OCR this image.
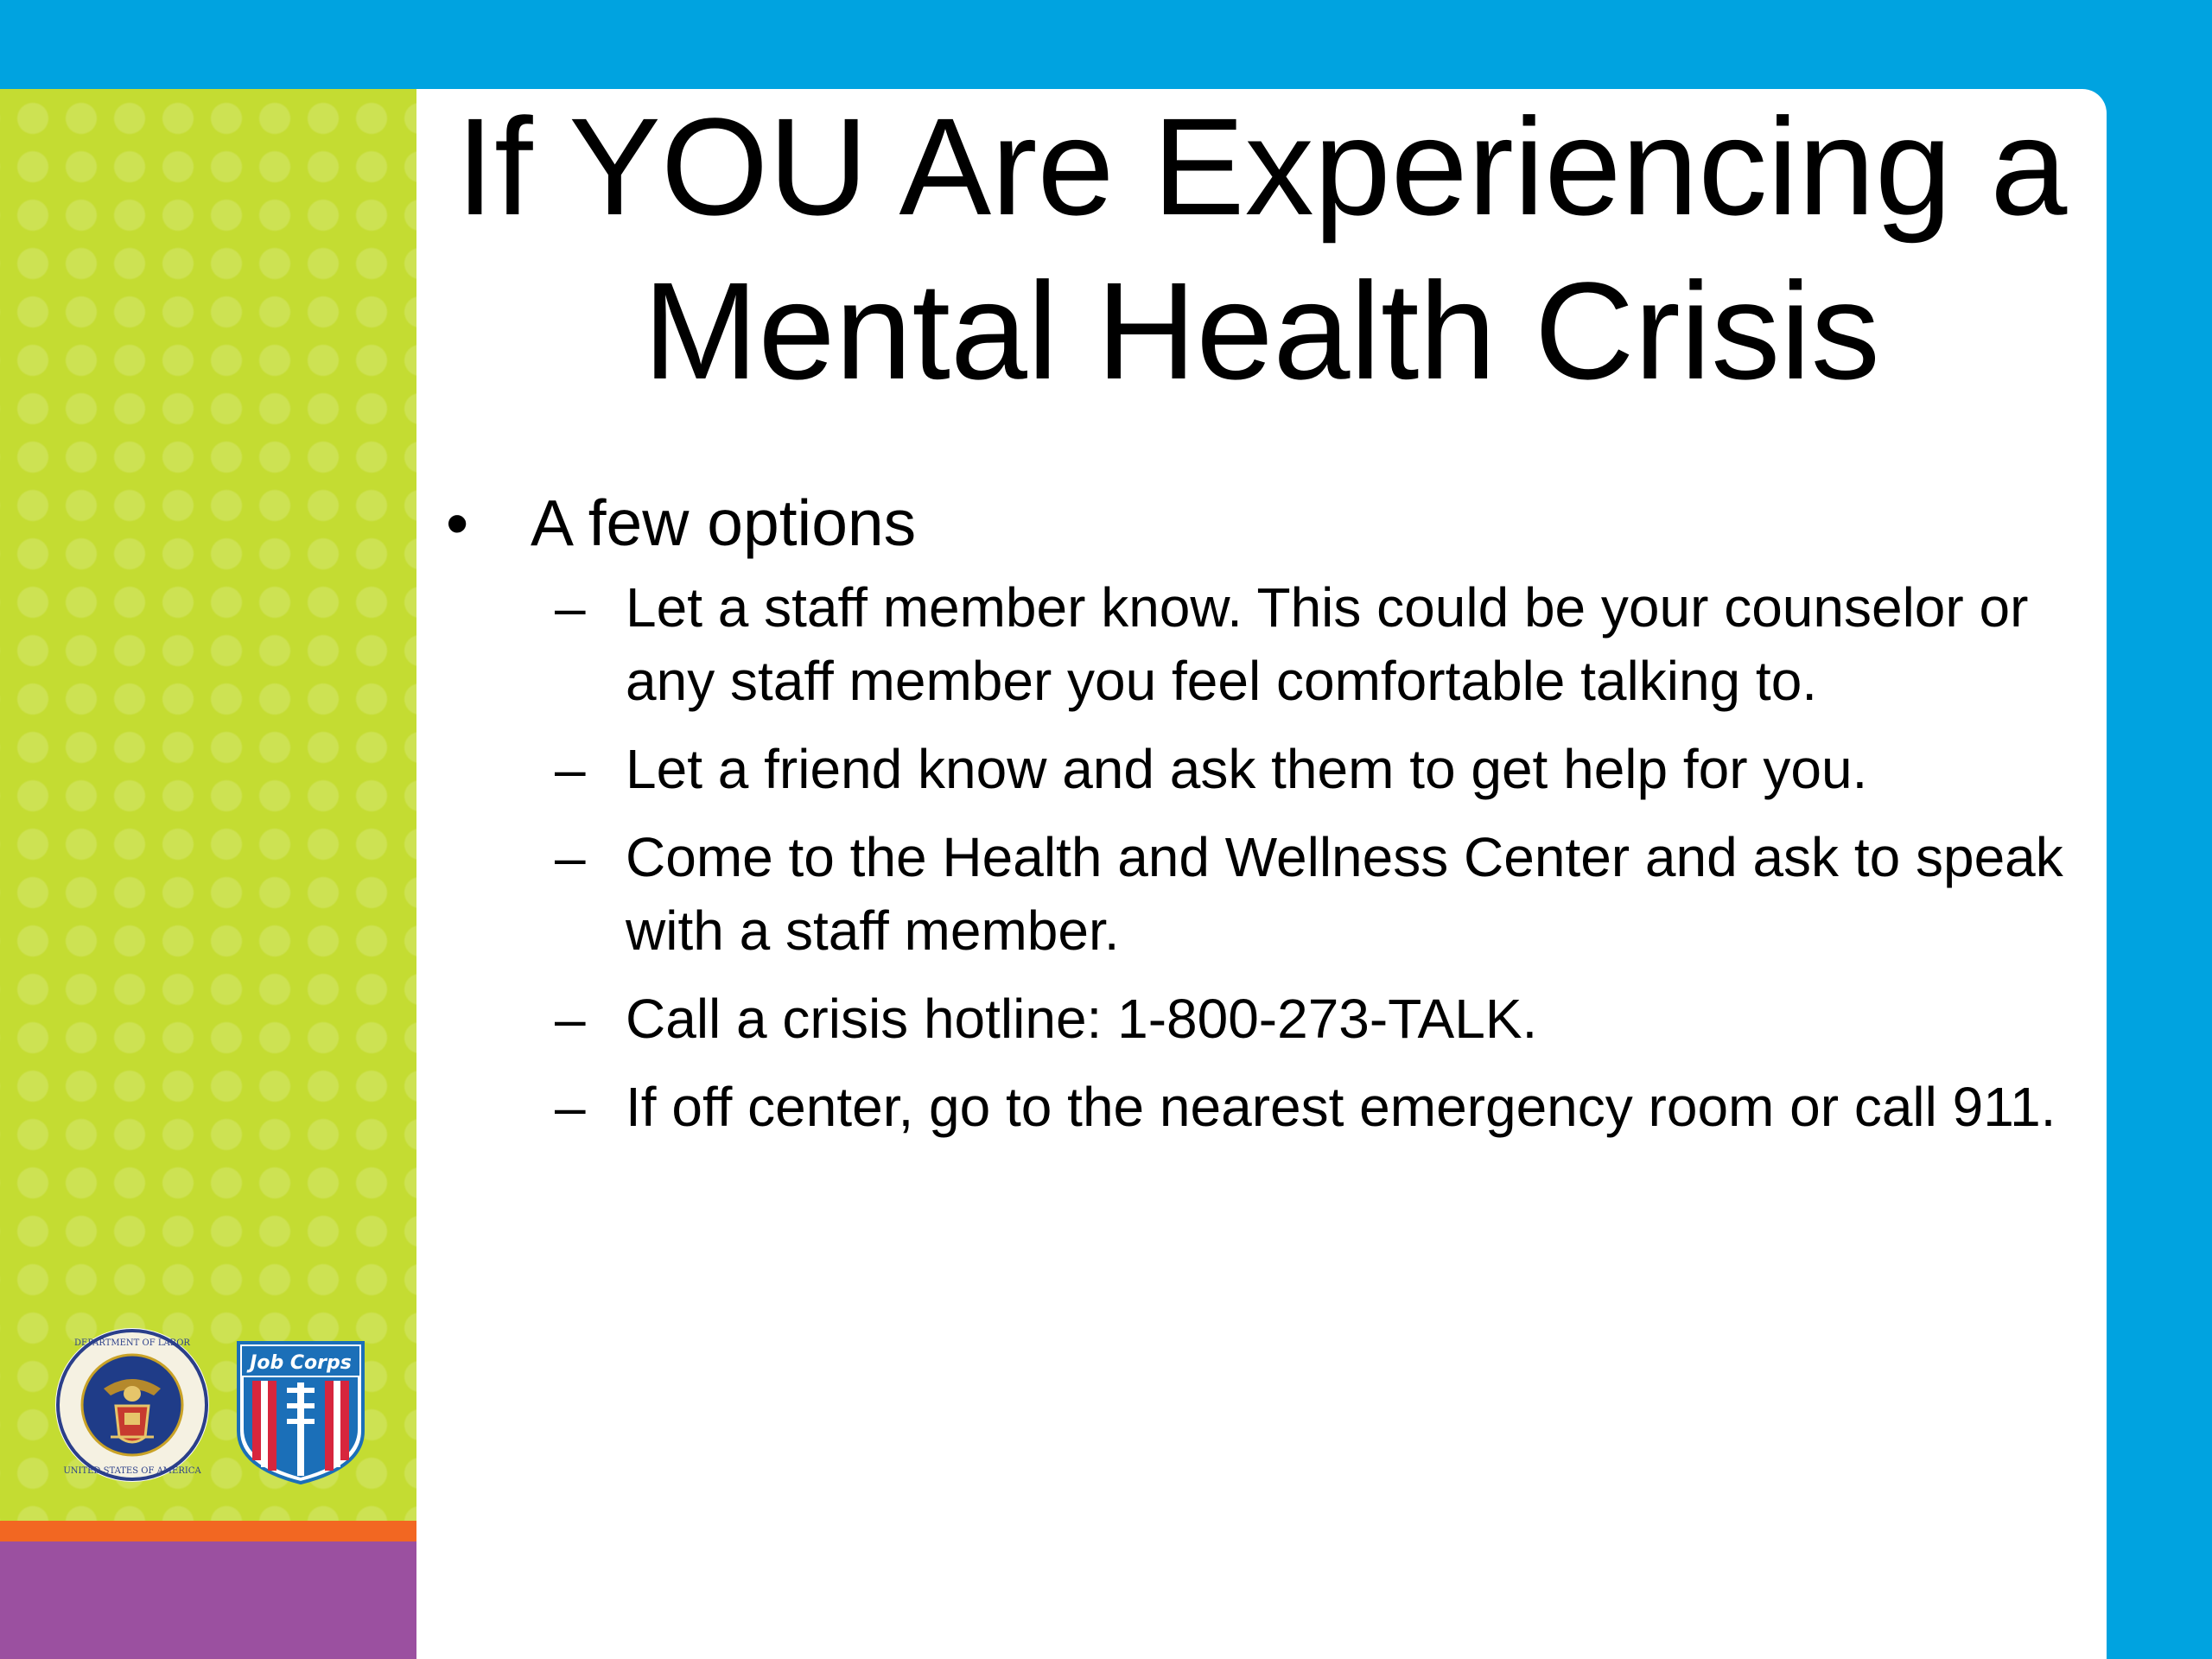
If YOU Are Experiencing a Mental Health Crisis
• A few options
– Let a staff member know. This could be your counselor or any staff member you feel comfortable talking to.
– Let a friend know and ask them to get help for you.
– Come to the Health and Wellness Center and ask to speak with a staff member.
– Call a crisis hotline: 1-800-273-TALK.
– If off center, go to the nearest emergency room or call 911.
DEPARTMENT OF LABOR
UNITED STATES OF AMERICA
Job Corps
